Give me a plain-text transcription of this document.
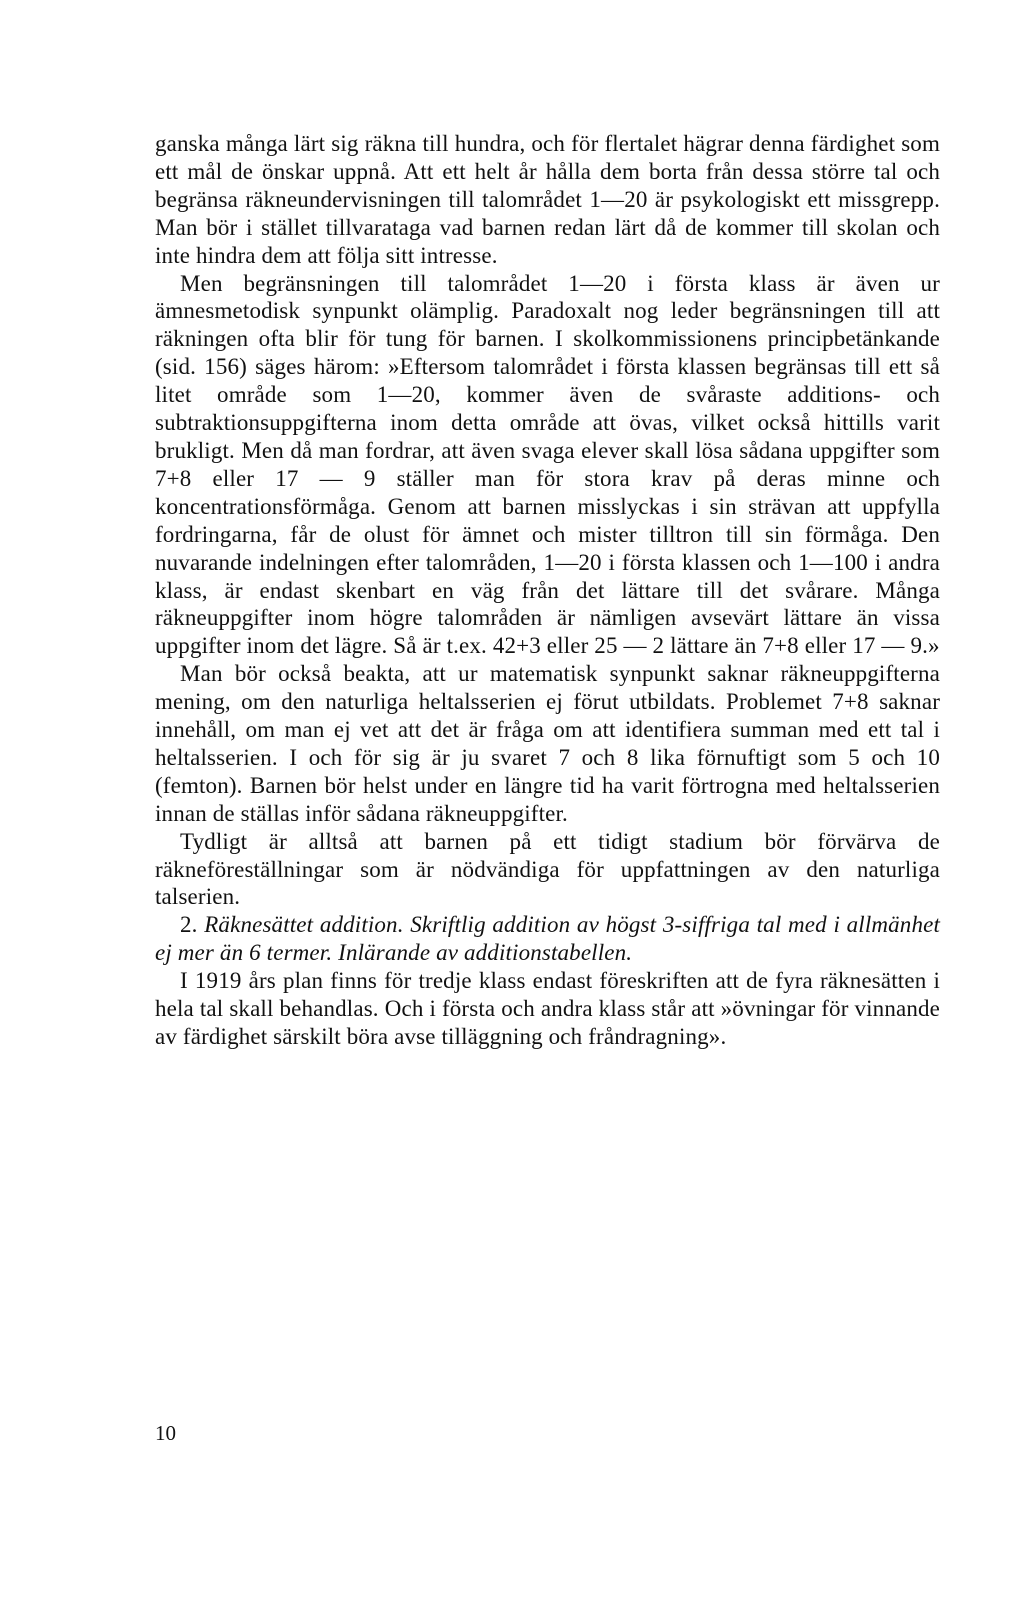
ganska många lärt sig räkna till hundra, och för flertalet hägrar denna färdighet som ett mål de önskar uppnå. Att ett helt år hålla dem borta från dessa större tal och begränsa räkneundervisningen till talområdet 1—20 är psykologiskt ett missgrepp. Man bör i stället tillvarataga vad barnen redan lärt då de kommer till skolan och inte hindra dem att följa sitt intresse.

Men begränsningen till talområdet 1—20 i första klass är även ur ämnesmetodisk synpunkt olämplig. Paradoxalt nog leder begränsningen till att räkningen ofta blir för tung för barnen. I skolkommissionens principbetänkande (sid. 156) säges härom: »Eftersom talområdet i första klassen begränsas till ett så litet område som 1—20, kommer även de svåraste additions- och subtraktionsuppgifterna inom detta område att övas, vilket också hittills varit brukligt. Men då man fordrar, att även svaga elever skall lösa sådana uppgifter som 7+8 eller 17 — 9 ställer man för stora krav på deras minne och koncentrationsförmåga. Genom att barnen misslyckas i sin strävan att uppfylla fordringarna, får de olust för ämnet och mister tilltron till sin förmåga. Den nuvarande indelningen efter talområden, 1—20 i första klassen och 1—100 i andra klass, är endast skenbart en väg från det lättare till det svårare. Många räkneuppgifter inom högre talområden är nämligen avsevärt lättare än vissa uppgifter inom det lägre. Så är t.ex. 42+3 eller 25 — 2 lättare än 7+8 eller 17 — 9.»

Man bör också beakta, att ur matematisk synpunkt saknar räkneuppgifterna mening, om den naturliga heltalsserien ej förut utbildats. Problemet 7+8 saknar innehåll, om man ej vet att det är fråga om att identifiera summan med ett tal i heltalsserien. I och för sig är ju svaret 7 och 8 lika förnuftigt som 5 och 10 (femton). Barnen bör helst under en längre tid ha varit förtrogna med heltalsserien innan de ställas inför sådana räkneuppgifter.

Tydligt är alltså att barnen på ett tidigt stadium bör förvärva de räkneföreställningar som är nödvändiga för uppfattningen av den naturliga talserien.

2. Räknesättet addition. Skriftlig addition av högst 3-siffriga tal med i allmänhet ej mer än 6 termer. Inlärande av additionstabellen.

I 1919 års plan finns för tredje klass endast föreskriften att de fyra räknesätten i hela tal skall behandlas. Och i första och andra klass står att »övningar för vinnande av färdighet särskilt böra avse tilläggning och fråndragning».

10
